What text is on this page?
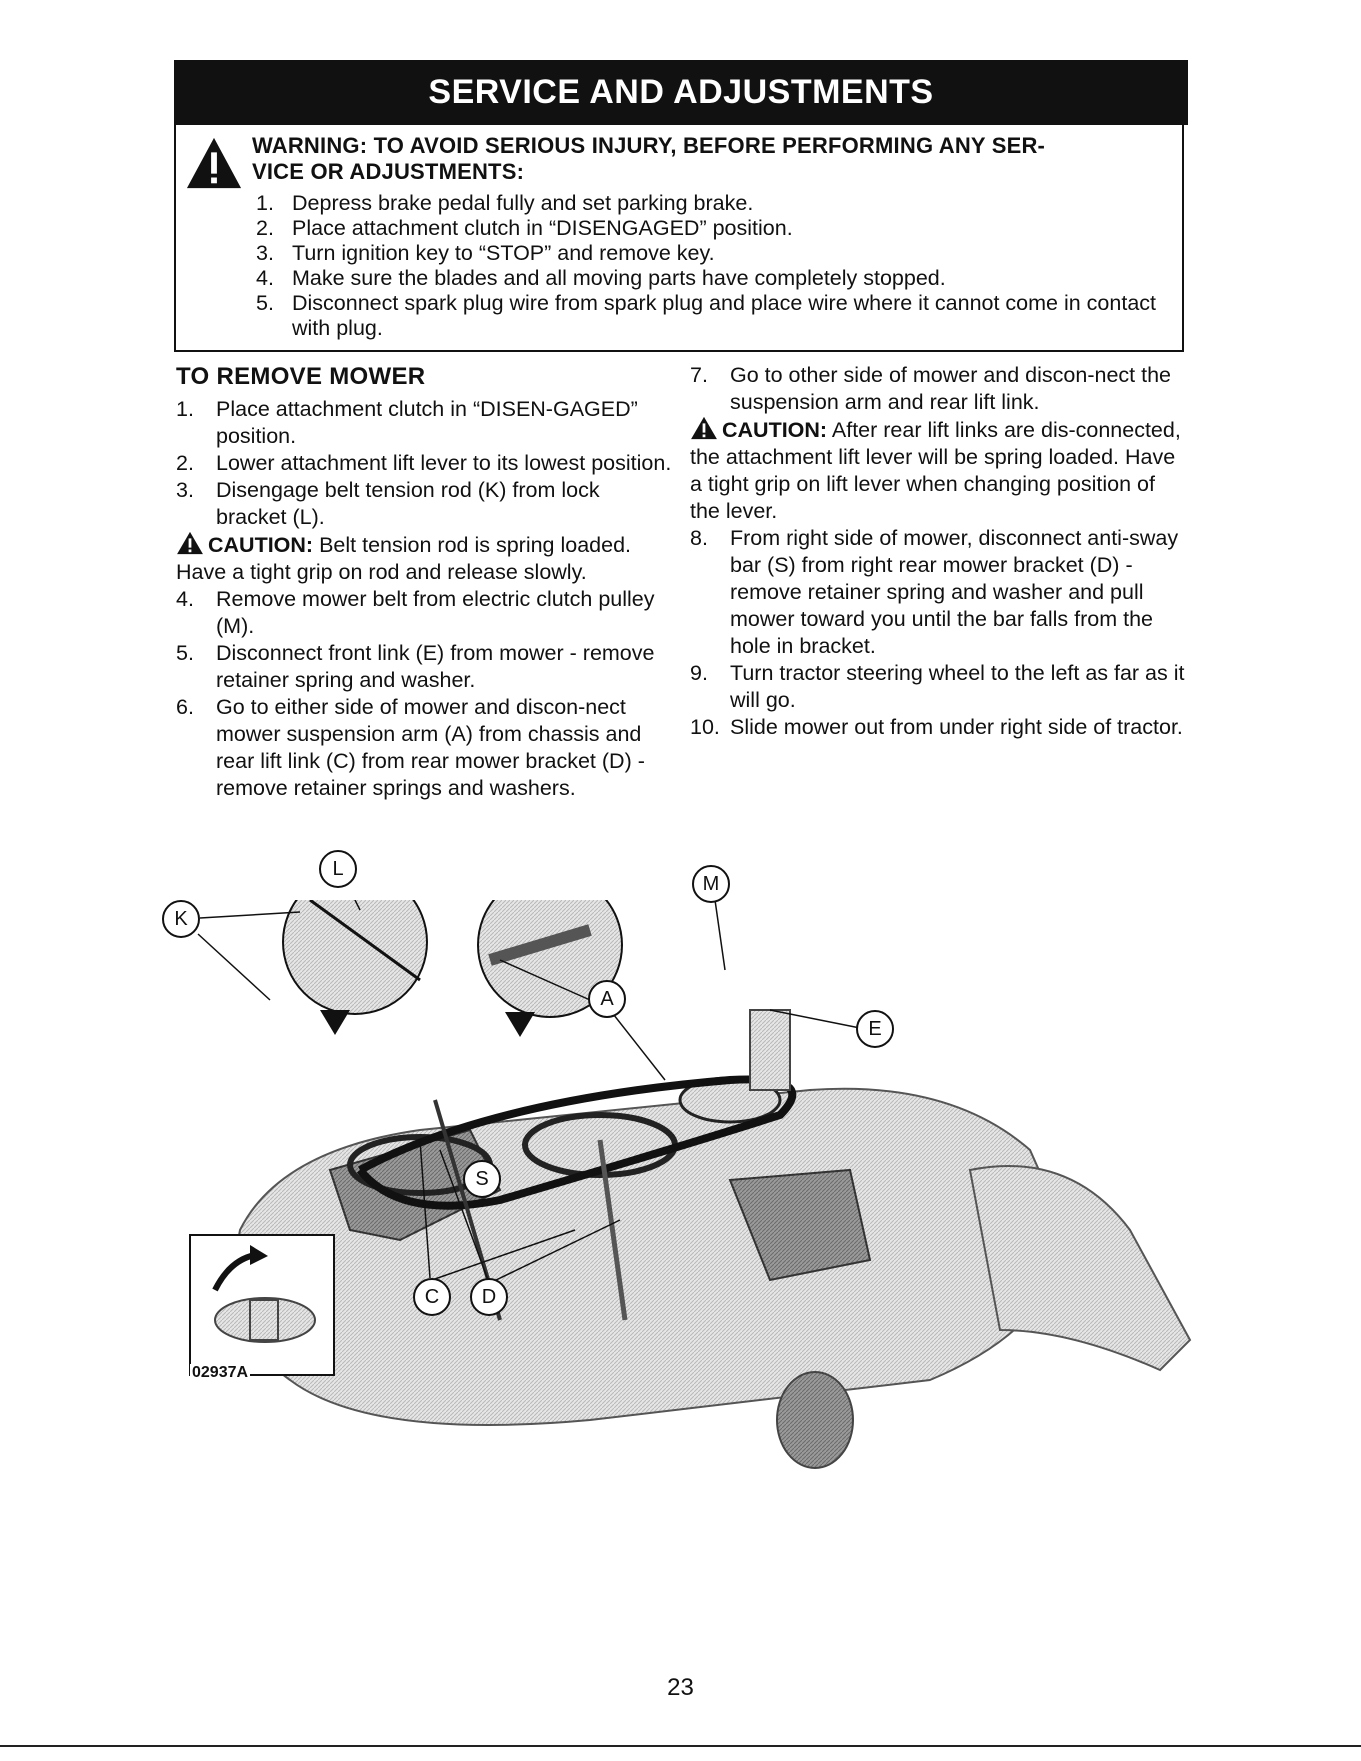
SERVICE AND ADJUSTMENTS
WARNING: TO AVOID SERIOUS INJURY, BEFORE PERFORMING ANY SER-
VICE OR ADJUSTMENTS:
1. Depress brake pedal fully and set parking brake.
2. Place attachment clutch in “DISENGAGED” position.
3. Turn ignition key to “STOP” and remove key.
4. Make sure the blades and all moving parts have completely stopped.
5. Disconnect spark plug wire from spark plug and place wire where it cannot come in contact with plug.
TO REMOVE MOWER
1. Place attachment clutch in “DISEN-GAGED” position.
2. Lower attachment lift lever to its lowest position.
3. Disengage belt tension rod (K) from lock bracket (L).
CAUTION: Belt tension rod is spring loaded. Have a tight grip on rod and release slowly.
4. Remove mower belt from electric clutch pulley (M).
5. Disconnect front link (E) from mower - remove retainer spring and washer.
6. Go to either side of mower and discon-nect mower suspension arm (A) from chassis and rear lift link (C) from rear mower bracket (D) - remove retainer springs and washers.
7. Go to other side of mower and discon-nect the suspension arm and rear lift link.
CAUTION: After rear lift links are dis-connected, the attachment lift lever will be spring loaded. Have a tight grip on lift lever when changing position of the lever.
8. From right side of mower, disconnect anti-sway bar (S) from right rear mower bracket (D) - remove retainer spring and washer and pull mower toward you until the bar falls from the hole in bracket.
9. Turn tractor steering wheel to the left as far as it will go.
10. Slide mower out from under right side of tractor.
L
K
M
A
E
S
C	D
02937A
23
